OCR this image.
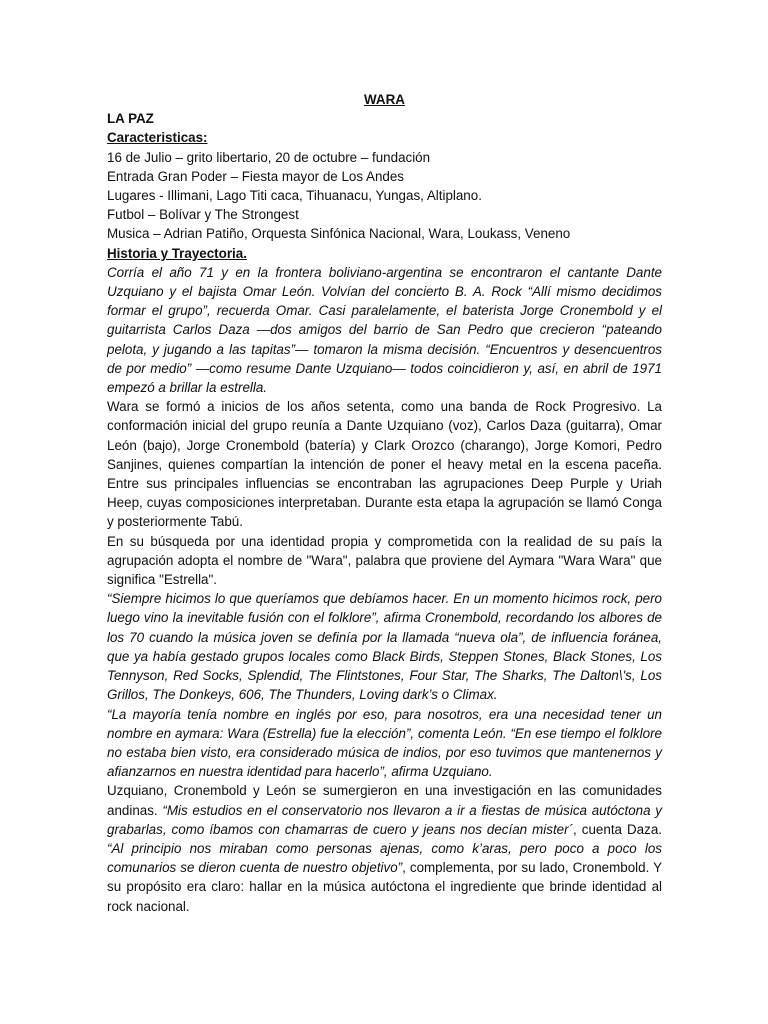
WARA

LA PAZ

Caracteristicas:

16 de Julio – grito libertario, 20 de octubre – fundación

Entrada Gran Poder – Fiesta mayor de Los Andes

Lugares - Illimani, Lago Titi caca, Tihuanacu, Yungas, Altiplano.

Futbol – Bolívar y The Strongest

Musica – Adrian Patiño, Orquesta Sinfónica Nacional, Wara, Loukass, Veneno

Historia y Trayectoria.

Corría el año 71 y en la frontera boliviano-argentina se encontraron el cantante Dante Uzquiano y el bajista Omar León. Volvían del concierto B. A. Rock “Allí mismo decidimos formar el grupo”, recuerda Omar. Casi paralelamente, el baterista Jorge Cronembold y el guitarrista Carlos Daza —dos amigos del barrio de San Pedro que crecieron “pateando pelota, y jugando a las tapitas”— tomaron la misma decisión. “Encuentros y desencuentros de por medio” —como resume Dante Uzquiano— todos coincidieron y, así, en abril de 1971 empezó a brillar la estrella.

Wara se formó a inicios de los años setenta, como una banda de Rock Progresivo. La conformación inicial del grupo reunía a Dante Uzquiano (voz), Carlos Daza (guitarra), Omar León (bajo), Jorge Cronembold (batería) y Clark Orozco (charango), Jorge Komori, Pedro Sanjines, quienes compartían la intención de poner el heavy metal en la escena paceña. Entre sus principales influencias se encontraban las agrupaciones Deep Purple y Uriah Heep, cuyas composiciones interpretaban. Durante esta etapa la agrupación se llamó Conga y posteriormente Tabú.

En su búsqueda por una identidad propia y comprometida con la realidad de su país la agrupación adopta el nombre de "Wara", palabra que proviene del Aymara "Wara Wara" que significa "Estrella".

“Siempre hicimos lo que queríamos que debíamos hacer. En un momento hicimos rock, pero luego vino la inevitable fusión con el folklore”, afirma Cronembold, recordando los albores de los 70 cuando la música joven se definía por la llamada “nueva ola”, de influencia foránea, que ya había gestado grupos locales como Black Birds, Steppen Stones, Black Stones, Los Tennyson, Red Socks, Splendid, The Flintstones, Four Star, The Sharks, The Dalton\'s, Los Grillos, The Donkeys, 606, The Thunders, Loving dark’s o Climax.

“La mayoría tenía nombre en inglés por eso, para nosotros, era una necesidad tener un nombre en aymara: Wara (Estrella) fue la elección”, comenta León. “En ese tiempo el folklore no estaba bien visto, era considerado música de indios, por eso tuvimos que mantenernos y afianzarnos en nuestra identidad para hacerlo”, afirma Uzquiano.

Uzquiano, Cronembold y León se sumergieron en una investigación en las comunidades andinas. “Mis estudios en el conservatorio nos llevaron a ir a fiestas de música autóctona y grabarlas, como íbamos con chamarras de cuero y jeans nos decían mister´, cuenta Daza. “Al principio nos miraban como personas ajenas, como k’aras, pero poco a poco los comunarios se dieron cuenta de nuestro objetivo”, complementa, por su lado, Cronembold. Y su propósito era claro: hallar en la música autóctona el ingrediente que brinde identidad al rock nacional.
